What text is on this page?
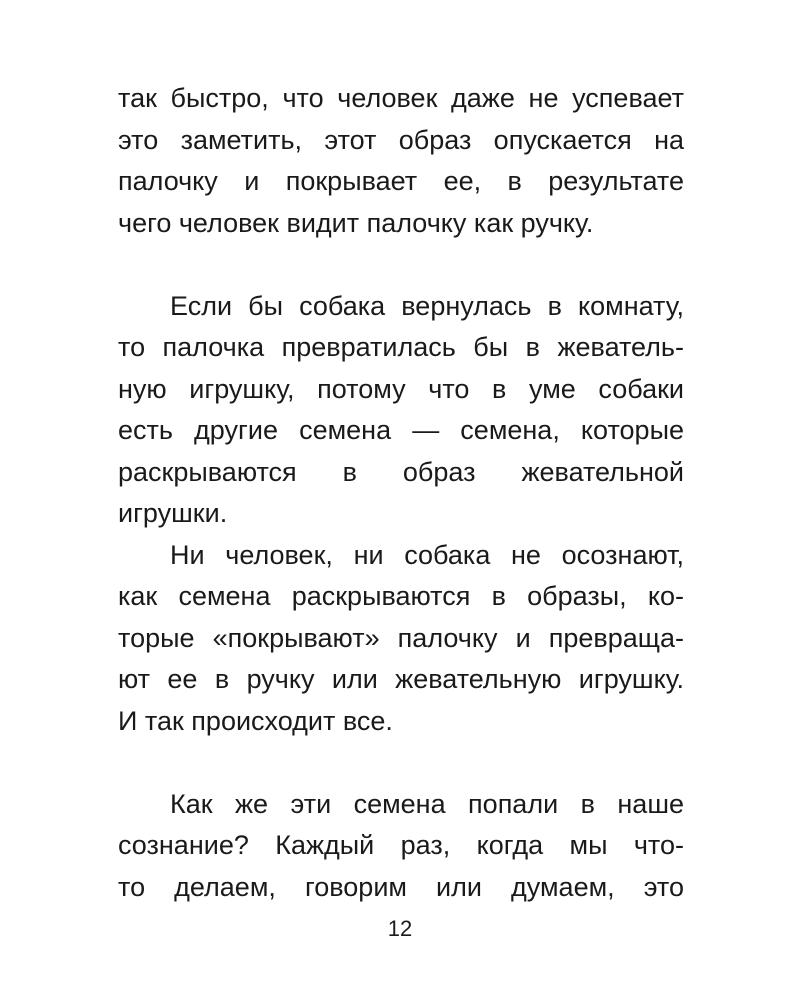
так быстро, что человек даже не успевает
это заметить, этот образ опускается на
палочку и покрывает ее, в результате
чего человек видит палочку как ручку.
Если бы собака вернулась в комнату,
то палочка превратилась бы в жеватель-
ную игрушку, потому что в уме собаки
есть другие семена — семена, которые
раскрываются в образ жевательной
игрушки.
Ни человек, ни собака не осознают,
как семена раскрываются в образы, ко-
торые «покрывают» палочку и превраща-
ют ее в ручку или жевательную игрушку.
И так происходит все.
Как же эти семена попали в наше
сознание? Каждый раз, когда мы что-
то делаем, говорим или думаем, это
12
